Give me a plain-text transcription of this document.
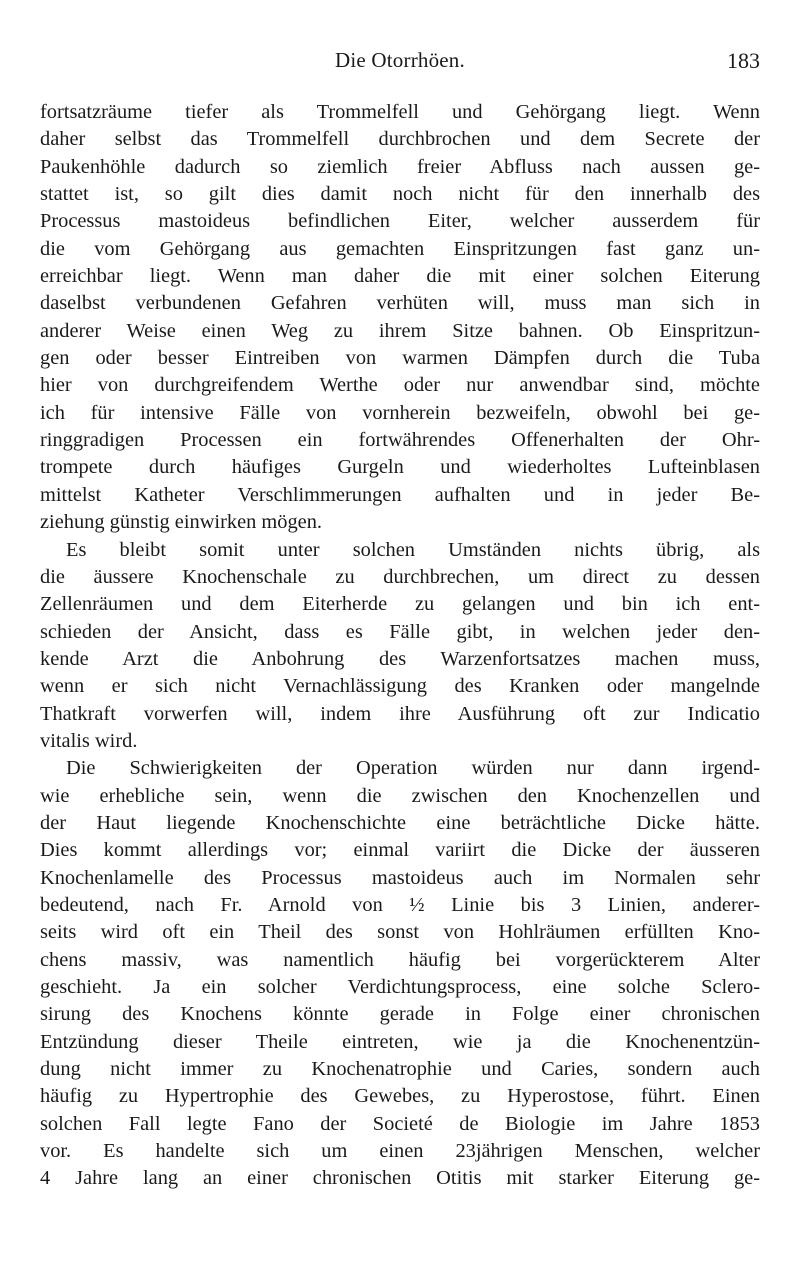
Die Otorrhöen.	183
fortsatzräume tiefer als Trommelfell und Gehörgang liegt. Wenn
daher selbst das Trommelfell durchbrochen und dem Secrete der
Paukenhöhle dadurch so ziemlich freier Abfluss nach aussen ge-
stattet ist, so gilt dies damit noch nicht für den innerhalb des
Processus mastoideus befindlichen Eiter, welcher ausserdem für
die vom Gehörgang aus gemachten Einspritzungen fast ganz un-
erreichbar liegt. Wenn man daher die mit einer solchen Eiterung
daselbst verbundenen Gefahren verhüten will, muss man sich in
anderer Weise einen Weg zu ihrem Sitze bahnen. Ob Einspritzun-
gen oder besser Eintreiben von warmen Dämpfen durch die Tuba
hier von durchgreifendem Werthe oder nur anwendbar sind, möchte
ich für intensive Fälle von vornherein bezweifeln, obwohl bei ge-
ringgradigen Processen ein fortwährendes Offenerhalten der Ohr-
trompete durch häufiges Gurgeln und wiederholtes Lufteinblasen
mittelst Katheter Verschlimmerungen aufhalten und in jeder Be-
ziehung günstig einwirken mögen.
Es bleibt somit unter solchen Umständen nichts übrig, als
die äussere Knochenschale zu durchbrechen, um direct zu dessen
Zellenräumen und dem Eiterherde zu gelangen und bin ich ent-
schieden der Ansicht, dass es Fälle gibt, in welchen jeder den-
kende Arzt die Anbohrung des Warzenfortsatzes machen muss,
wenn er sich nicht Vernachlässigung des Kranken oder mangelnde
Thatkraft vorwerfen will, indem ihre Ausführung oft zur Indicatio
vitalis wird.
Die Schwierigkeiten der Operation würden nur dann irgend-
wie erhebliche sein, wenn die zwischen den Knochenzellen und
der Haut liegende Knochenschichte eine beträchtliche Dicke hätte.
Dies kommt allerdings vor; einmal variirt die Dicke der äusseren
Knochenlamelle des Processus mastoideus auch im Normalen sehr
bedeutend, nach Fr. Arnold von ½ Linie bis 3 Linien, anderer-
seits wird oft ein Theil des sonst von Hohlräumen erfüllten Kno-
chens massiv, was namentlich häufig bei vorgerückterem Alter
geschieht. Ja ein solcher Verdichtungsprocess, eine solche Sclero-
sirung des Knochens könnte gerade in Folge einer chronischen
Entzündung dieser Theile eintreten, wie ja die Knochenentzün-
dung nicht immer zu Knochenatrophie und Caries, sondern auch
häufig zu Hypertrophie des Gewebes, zu Hyperostose, führt. Einen
solchen Fall legte Fano der Societé de Biologie im Jahre 1853
vor. Es handelte sich um einen 23jährigen Menschen, welcher
4 Jahre lang an einer chronischen Otitis mit starker Eiterung ge-
